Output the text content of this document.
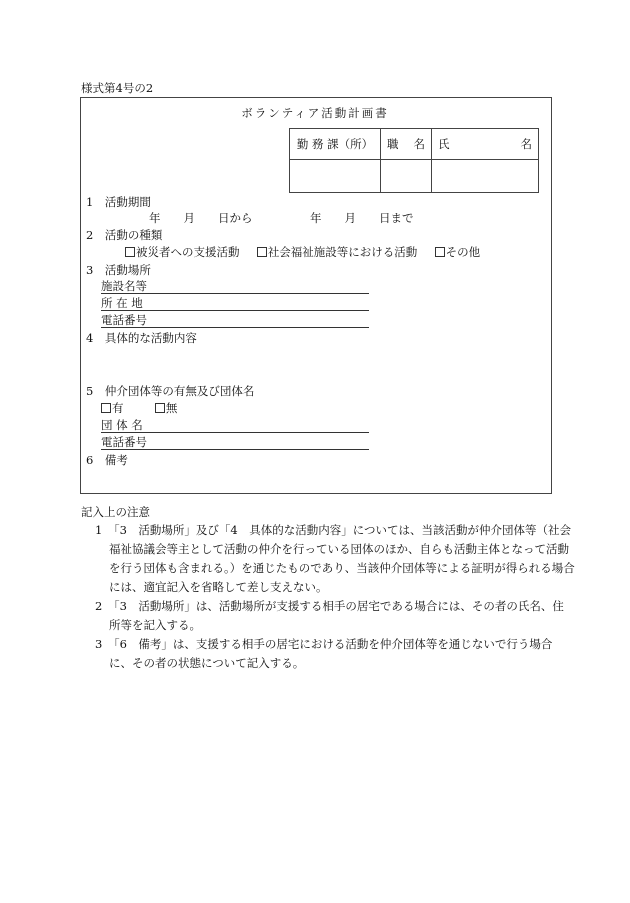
様式第4号の2
ボランティア活動計画書
勤 務 課（所）	職 名	氏 名

1　活動期間
年　　月　　日から　　　　　年　　月　　日まで
2　活動の種類
被災者への支援活動 社会福祉施設等における活動 その他
3　活動場所
施設名等
所 在 地
電話番号
4　具体的な活動内容
5　仲介団体等の有無及び団体名
有	無
団 体 名
電話番号
6　備考
記入上の注意
1　「3　活動場所」及び「4　具体的な活動内容」については、当該活動が仲介団体等（社会福祉協議会等主として活動の仲介を行っている団体のほか、自らも活動主体となって活動を行う団体も含まれる。）を通じたものであり、当該仲介団体等による証明が得られる場合には、適宜記入を省略して差し支えない。
2　「3　活動場所」は、活動場所が支援する相手の居宅である場合には、その者の氏名、住所等を記入する。
3　「6　備考」は、支援する相手の居宅における活動を仲介団体等を通じないで行う場合に、その者の状態について記入する。
